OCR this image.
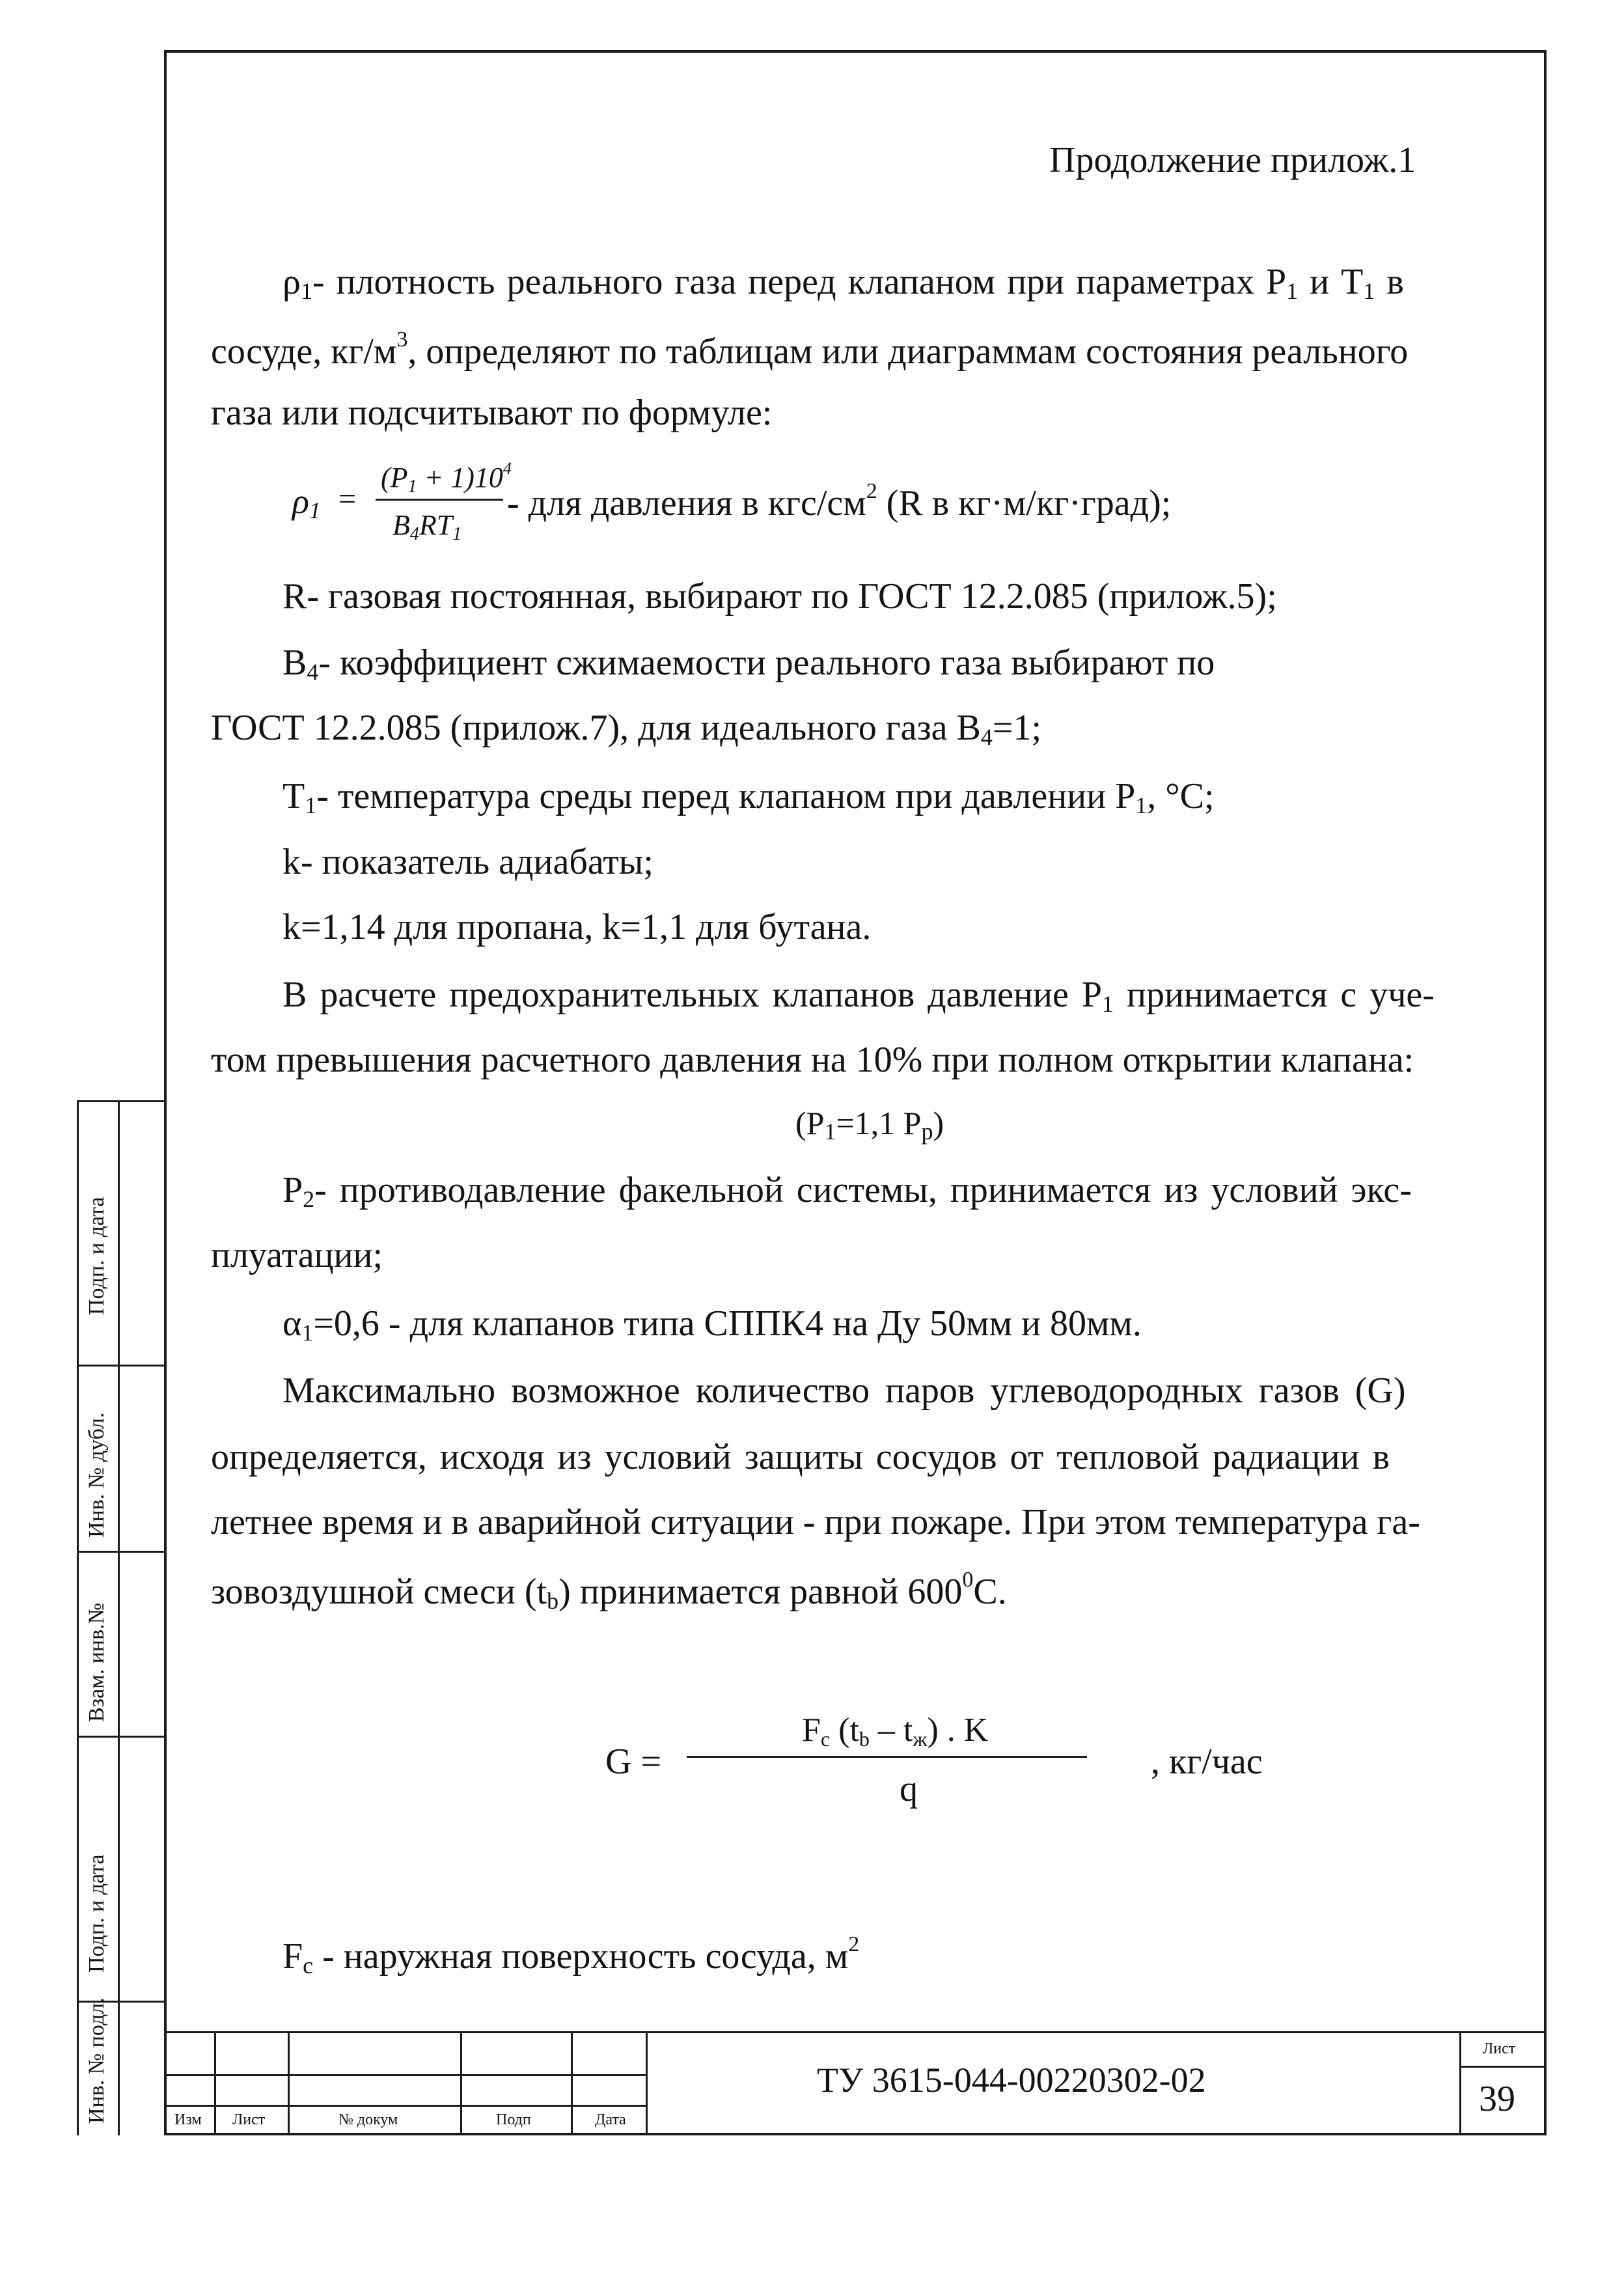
Продолжение прилож.1
$\rho_1-$ плотность реального газа перед клапаном при параметрах $P_1$ и $T_1$ в
сосуде, $кг/м^3$, определяют по таблицам или диаграммам состояния реального
газа или подсчитывают по формуле:
$\rho_1$ =
$(P_1 + 1)10^4$
$B_4RT_1$
- для давления в кгс/$см^2$ (R в кг·м/кг·град);
R- газовая постоянная, выбирают по ГОСТ 12.2.085 (прилож.5);
$B_4-$ коэффициент сжимаемости реального газа выбирают по
ГОСТ 12.2.085 (прилож.7), для идеального газа $B_4=1$;
$T_1-$ температура среды перед клапаном при давлении $P_1$, °C;
k- показатель адиабаты;
k=1,14 для пропана, k=1,1 для бутана.
В расчете предохранительных клапанов давление $P_1$ принимается с уче-
том превышения расчетного давления на 10% при полном открытии клапана:
($P_1=1,1$ $P_р$)
$P_2-$ противодавление факельной системы, принимается из условий экс-
плуатации;
$\alpha_1=0,6$ - для клапанов типа СППК4 на Ду 50мм и 80мм.
Максимально возможное количество паров углеводородных газов (G)
определяется, исходя из условий защиты сосудов от тепловой радиации в
летнее время и в аварийной ситуации - при пожаре. При этом температура га-
зовоздушной смеси $(t_b)$ принимается равной $600^0C$.
G =
$F_c$ $(t_b - t_ж)$ . K
q
, кг/час
$F_c$ - наружная поверхность сосуда, $м^2$
Подп. и дата
Инв. № дубл.
Взам. инв.№
Подп. и дата
Инв. № подл.	Изм Лист	№ докум	Подп	Дата
ТУ 3615-044-00220302-02
Лист
39
